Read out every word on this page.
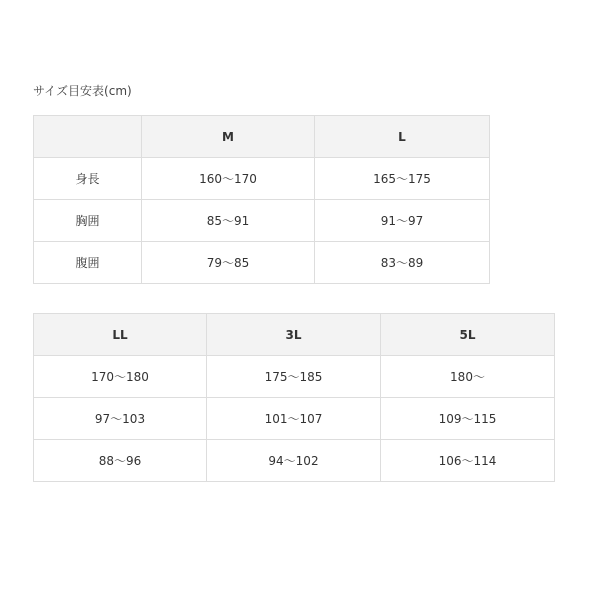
サイズ目安表(cm)
	M	L
身長	160〜170	165〜175
胸囲	85〜91	91〜97
腹囲	79〜85	83〜89
LL	3L	5L
170〜180	175〜185	180〜
97〜103	101〜107	109〜115
88〜96	94〜102	106〜114
